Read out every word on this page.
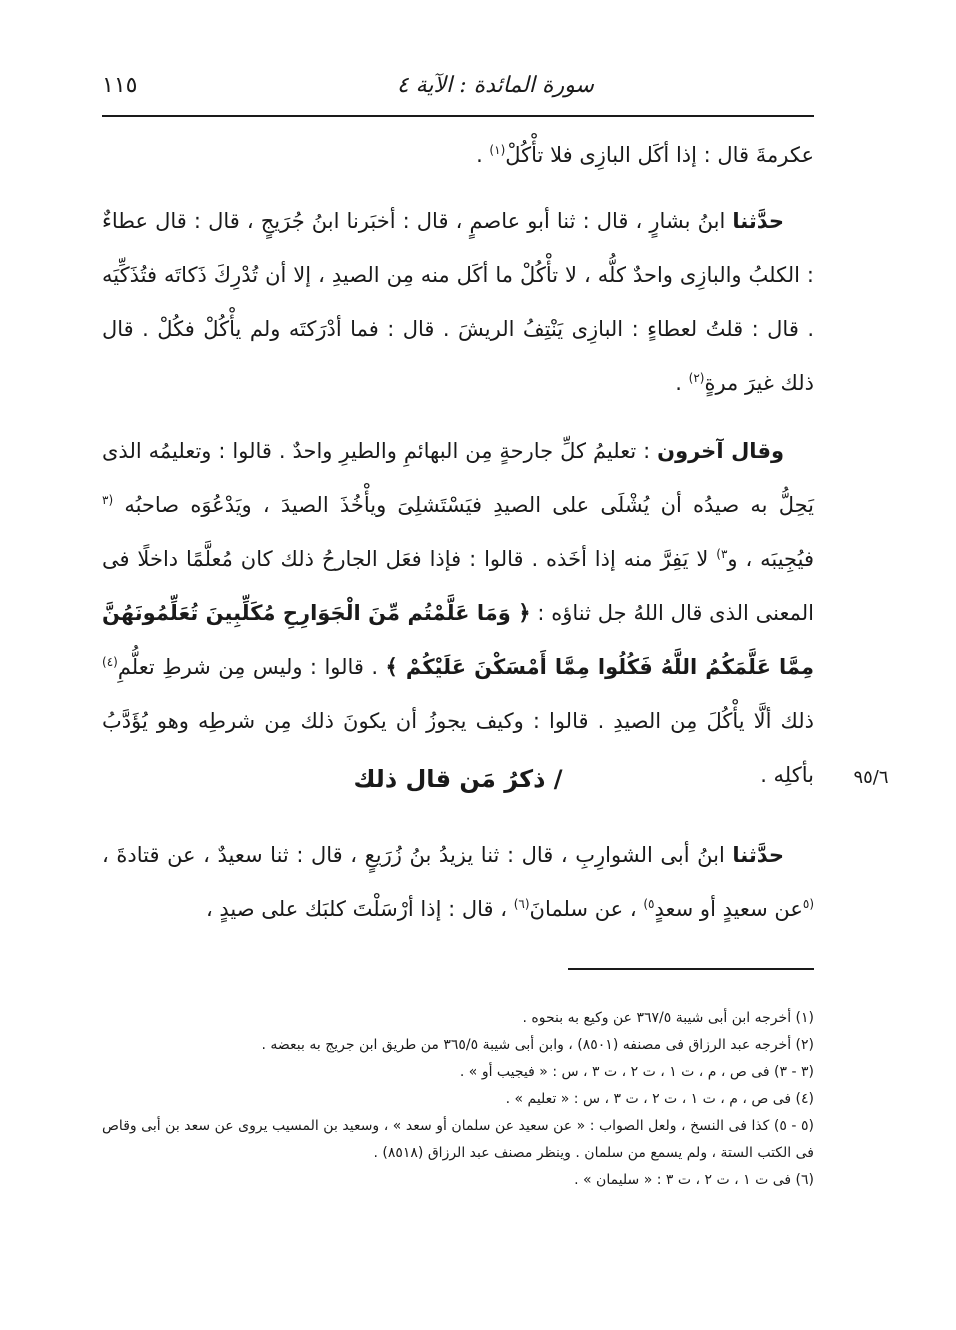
سورة المائدة : الآية ٤
١١٥

عكرمةَ قال : إذا أكَل البازِى فلا تأْكُلْ$^{(١)}$ .

حدَّثنا ابنُ بشارٍ ، قال : ثنا أبو عاصمٍ ، قال : أخبَرنا ابنُ جُرَيجٍ ، قال : قال عطاءٌ : الكلبُ والبازِى واحدٌ كلُّه ، لا تأْكُلْ ما أكَل منه مِن الصيدِ ، إلا أن تُدْرِكَ ذَكاتَه فتُذَكِّيَه . قال : قلتُ لعطاءٍ : البازِى يَنْتِفُ الريشَ . قال : فما أدْرَكتَه ولم يأْكُلْ فكُلْ . قال ذلك غيرَ مرةٍ$^{(٢)}$ .

وقال آخرون : تعليمُ كلِّ جارحةٍ مِن البهائمِ والطيرِ واحدٌ . قالوا : وتعليمُه الذى يَحِلُّ به صيدُه أن يُشْلَى على الصيدِ فيَسْتَشلِىَ ويأْخُذَ الصيدَ ، ويَدْعُوَه صاحبُه $^{(٣}$ فيُجِيبَه ، و$^{٣)}$ لا يَفِرَّ منه إذا أخَذه . قالوا : فإذا فعَل الجارحُ ذلك كان مُعلَّمًا داخلًا فى المعنى الذى قال اللهُ جل ثناؤه : ﴿ وَمَا عَلَّمْتُم مِّنَ الْجَوَارِحِ مُكَلِّبِينَ تُعَلِّمُونَهُنَّ مِمَّا عَلَّمَكُمُ اللَّهُ فَكُلُوا مِمَّا أَمْسَكْنَ عَلَيْكُمْ ﴾ . قالوا : وليس مِن شرطِ تعلُّمِ$^{(٤)}$ ذلك ألَّا يأْكُلَ مِن الصيدِ . قالوا : وكيف يجوزُ أن يكونَ ذلك مِن شرطِه وهو يُؤَدَّبُ بأكلِه .

/ ذكرُ مَن قال ذلك	٩٥/٦

حدَّثنا ابنُ أبى الشوارِبِ ، قال : ثنا يزيدُ بنُ زُرَيعٍ ، قال : ثنا سعيدٌ ، عن قتادةَ ، $^{(٥}$عن سعيدٍ أو سعدٍ$^{٥)}$ ، عن سلمانَ$^{(٦)}$ ، قال : إذا أرْسَلْتَ كلبَك على صيدٍ ،

(١) أخرجه ابن أبى شيبة ٣٦٧/٥ عن وكيع به بنحوه .

(٢) أخرجه عبد الرزاق فى مصنفه (٨٥٠١) ، وابن أبى شيبة ٣٦٥/٥ من طريق ابن جريج به ببعضه .

(٣ - ٣) فى ص ، م ، ت ١ ، ت ٢ ، ت ٣ ، س : « فيجيب أو » .

(٤) فى ص ، م ، ت ١ ، ت ٢ ، ت ٣ ، س : « تعليم » .

(٥ - ٥) كذا فى النسخ ، ولعل الصواب : « عن سعيد عن سلمان أو سعد » ، وسعيد بن المسيب يروى عن سعد بن أبى وقاص فى الكتب الستة ، ولم يسمع من سلمان . وينظر مصنف عبد الرزاق (٨٥١٨) .

(٦) فى ت ١ ، ت ٢ ، ت ٣ : « سليمان » .
